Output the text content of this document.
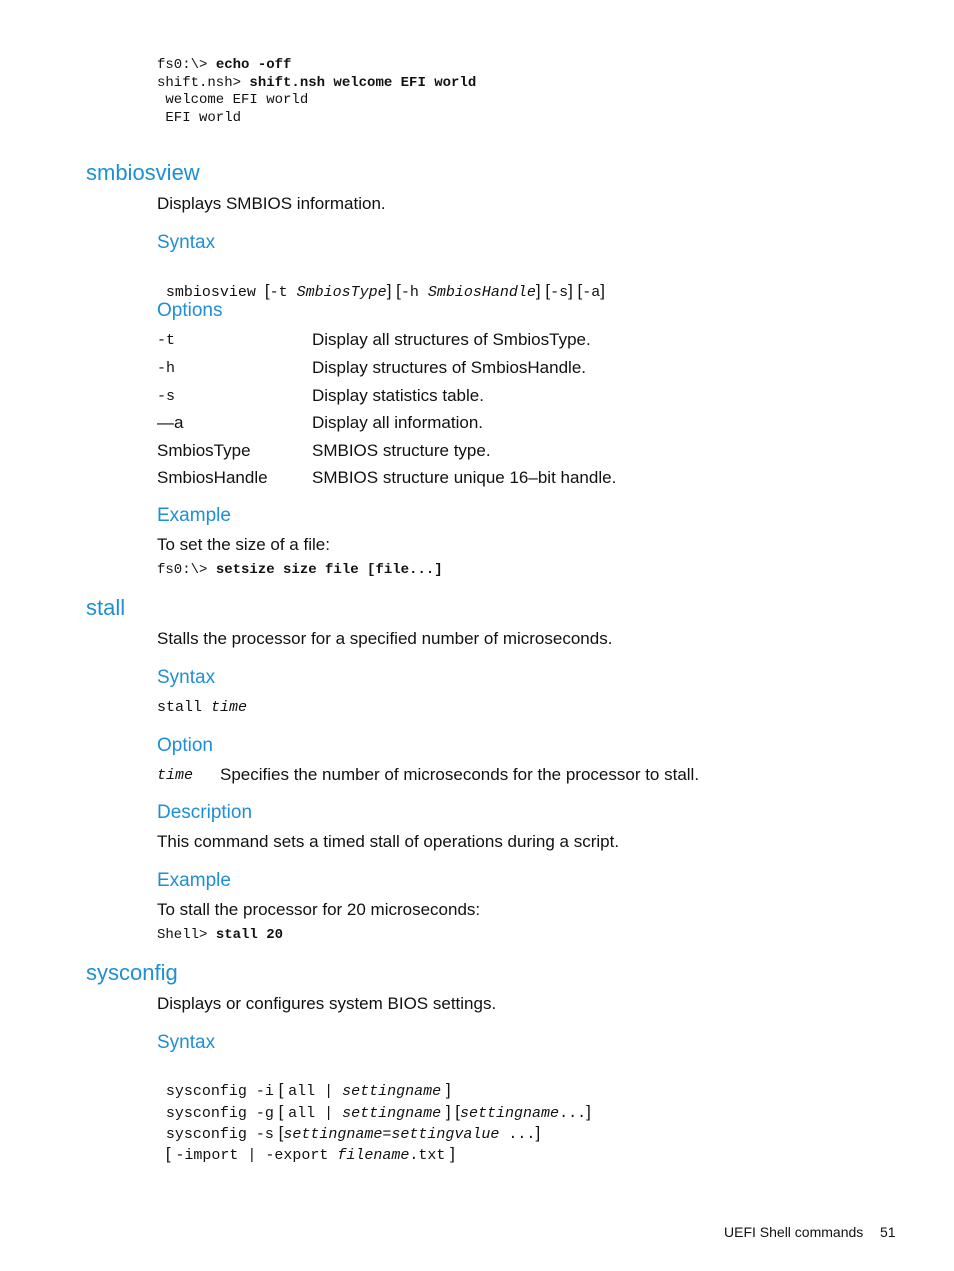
fs0:\> echo -off
shift.nsh> shift.nsh welcome EFI world
welcome EFI world
EFI world
smbiosview
Displays SMBIOS information.
Syntax

smbiosview [-t SmbiosType] [-h SmbiosHandle] [-s] [-a]

Options
-t	Display all structures of SmbiosType.
-h	Display structures of SmbiosHandle.
-s	Display statistics table.
—a	Display all information.
SmbiosType	SMBIOS structure type.
SmbiosHandle	SMBIOS structure unique 16–bit handle.
Example
To set the size of a file:
fs0:\> setsize size file [file...]
stall
Stalls the processor for a specified number of microseconds.
Syntax
stall time
Option
time Specifies the number of microseconds for the processor to stall.
Description
This command sets a timed stall of operations during a script.
Example
To stall the processor for 20 microseconds:
Shell> stall 20
sysconfig
Displays or configures system BIOS settings.
Syntax

sysconfig -i [ all | settingname ]

sysconfig -g [ all | settingname ] [settingname...]

sysconfig -s [settingname=settingvalue ...]

[ -import | -export filename.txt ]

UEFI Shell commands 51
